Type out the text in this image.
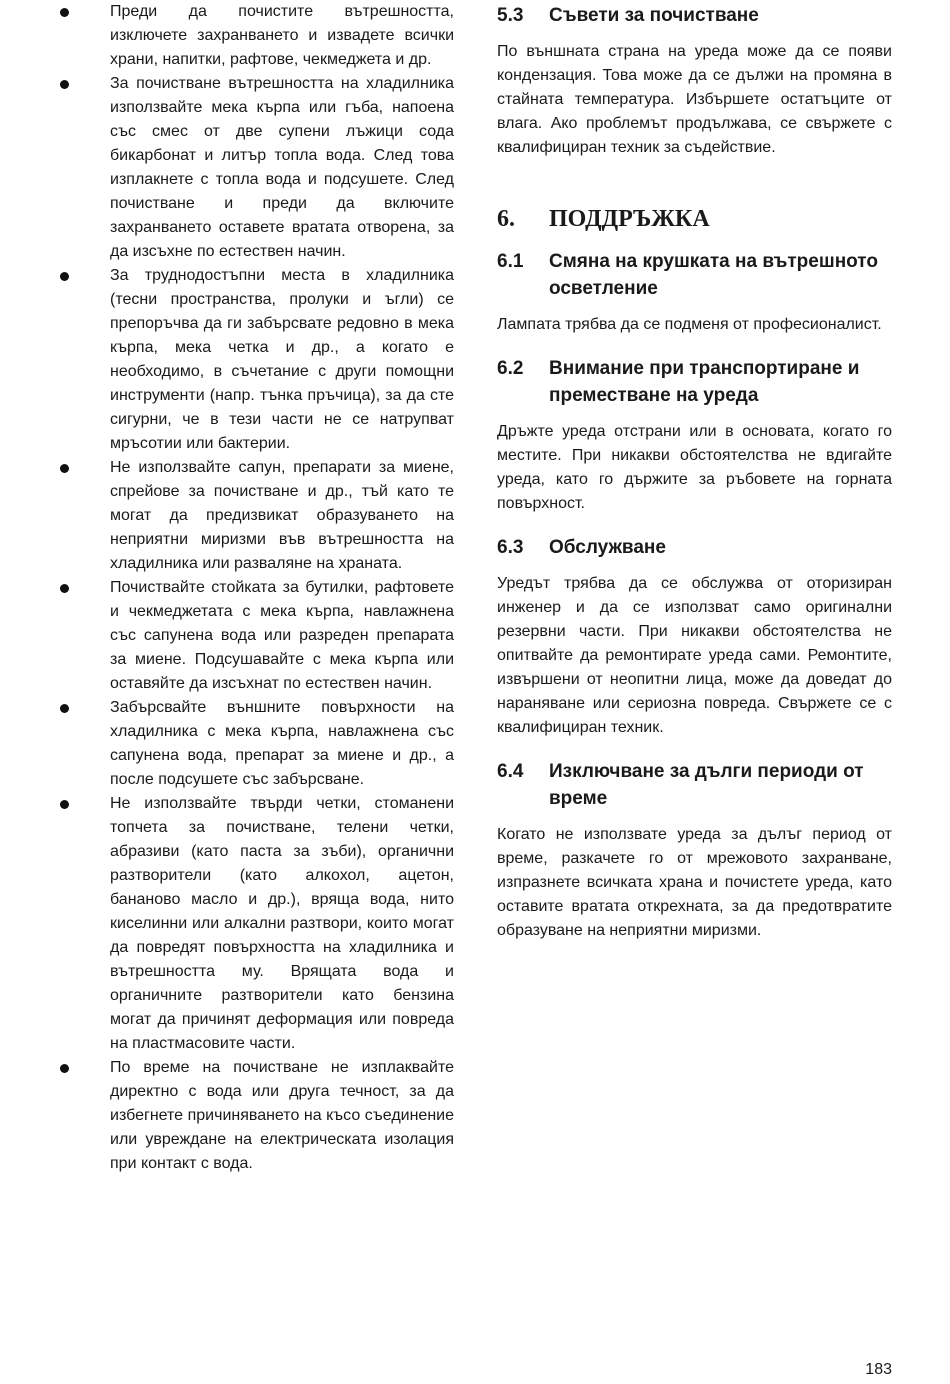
Преди да почистите вътрешността, изключете захранването и извадете всички храни, напитки, рафтове, чекмеджета и др.
За почистване вътрешността на хладилника използвайте мека кърпа или гъба, напоена със смес от две супени лъжици сода бикарбонат и литър топла вода. След това изплакнете с топла вода и подсушете. След почистване и преди да включите захранването оставете вратата отворена, за да изсъхне по естествен начин.
За труднодостъпни места в хладилника (тесни пространства, пролуки и ъгли) се препоръчва да ги забърсвате редовно в мека кърпа, мека четка и др., а когато е необходимо, в съчетание с други помощни инструменти (напр. тънка пръчица), за да сте сигурни, че в тези части не се натрупват мръсотии или бактерии.
Не използвайте сапун, препарати за миене, спрейове за почистване и др., тъй като те могат да предизвикат образуването на неприятни миризми във вътрешността на хладилника или разваляне на храната.
Почиствайте стойката за бутилки, рафтовете и чекмеджетата с мека кърпа, навлажнена със сапунена вода или разреден препарата за миене. Подсушавайте с мека кърпа или оставяйте да изсъхнат по естествен начин.
Забърсвайте външните повърхности на хладилника с мека кърпа, навлажнена със сапунена вода, препарат за миене и др., а после подсушете със забърсване.
Не използвайте твърди четки, стоманени топчета за почистване, телени четки, абразиви (като паста за зъби), органични разтворители (като алкохол, ацетон, бананово масло и др.), вряща вода, нито киселинни или алкални разтвори, които могат да повредят повърхността на хладилника и вътрешността му. Врящата вода и органичните разтворители като бензина могат да причинят деформация или повреда на пластмасовите части.
По време на почистване не изплаквайте директно с вода или друга течност, за да избегнете причиняването на късо съединение или увреждане на електрическата изолация при контакт с вода.
5.3	Съвети за почистване

По външната страна на уреда може да се появи кондензация. Това може да се дължи на промяна в стайната температура. Избършете остатъците от влага. Ако проблемът продължава, се свържете с квалифициран техник за съдействие.

6.	ПОДДРЪЖКА
6.1	Смяна на крушката на вътрешното осветление

Лампата трябва да се подменя от професионалист.

6.2	Внимание при транспортиране и преместване на уреда

Дръжте уреда отстрани или в основата, когато го местите. При никакви обстоятелства не вдигайте уреда, като го държите за ръбовете на горната повърхност.

6.3	Обслужване

Уредът трябва да се обслужва от оторизиран инженер и да се използват само оригинални резервни части. При никакви обстоятелства не опитвайте да ремонтирате уреда сами. Ремонтите, извършени от неопитни лица, може да доведат до нараняване или сериозна повреда. Свържете се с квалифициран техник.

6.4	Изключване за дълги периоди от време

Когато не използвате уреда за дълъг период от време, разкачете го от мрежовото захранване, изпразнете всичката храна и почистете уреда, като оставите вратата открехната, за да предотвратите образуване на неприятни миризми.

183
